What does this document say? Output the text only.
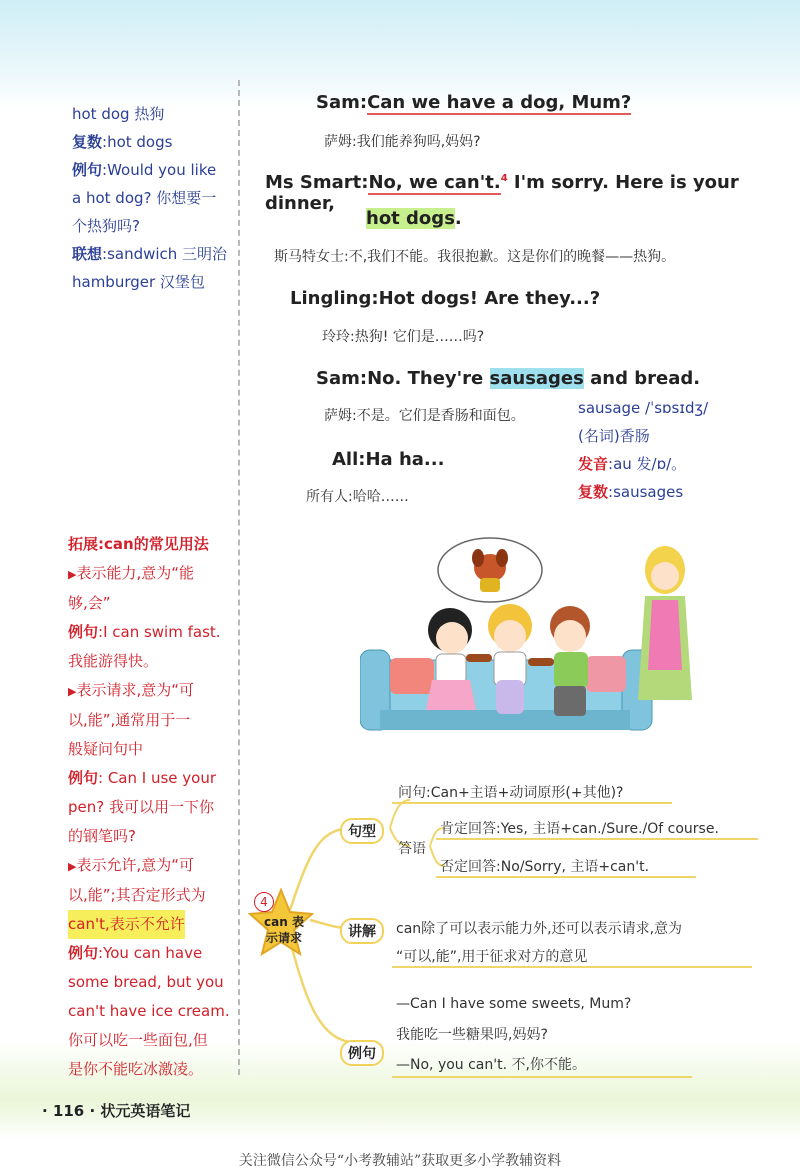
hot dog 热狗
复数:hot dogs
例句:Would you like
a hot dog? 你想要一
个热狗吗?
联想:sandwich 三明治
hamburger 汉堡包
拓展:can的常见用法
▶表示能力,意为“能
够,会”
例句:I can swim fast.
我能游得快。
▶表示请求,意为“可
以,能”,通常用于一
般疑问句中
例句: Can I use your
pen? 我可以用一下你
的钢笔吗?
▶表示允许,意为“可
以,能”;其否定形式为
can't,表示不允许
例句:You can have
some bread, but you
can't have ice cream.
你可以吃一些面包,但
是你不能吃冰激凌。
Sam:Can we have a dog, Mum?
萨姆:我们能养狗吗,妈妈?
Ms Smart:No, we can't.$^4$ I'm sorry. Here is your dinner,
hot dogs.
斯马特女士:不,我们不能。我很抱歉。这是你们的晚餐——热狗。
Lingling:Hot dogs! Are they...?
玲玲:热狗! 它们是……吗?
Sam:No. They're sausages and bread.
萨姆:不是。它们是香肠和面包。
All:Ha ha...
所有人:哈哈……
sausage /ˈsɒsɪdʒ/
(名词)香肠
发音:au 发/ɒ/。
复数:sausages
4
can 表
示请求
句型
问句:Can+主语+动词原形(+其他)?
答语
肯定回答:Yes, 主语+can./Sure./Of course.
否定回答:No/Sorry, 主语+can't.
讲解	can除了可以表示能力外,还可以表示请求,意为
“可以,能”,用于征求对方的意见
例句
—Can I have some sweets, Mum?
我能吃一些糖果吗,妈妈?
—No, you can't. 不,你不能。
· 116 · 状元英语笔记
关注微信公众号“小考教辅站”获取更多小学教辅资料
